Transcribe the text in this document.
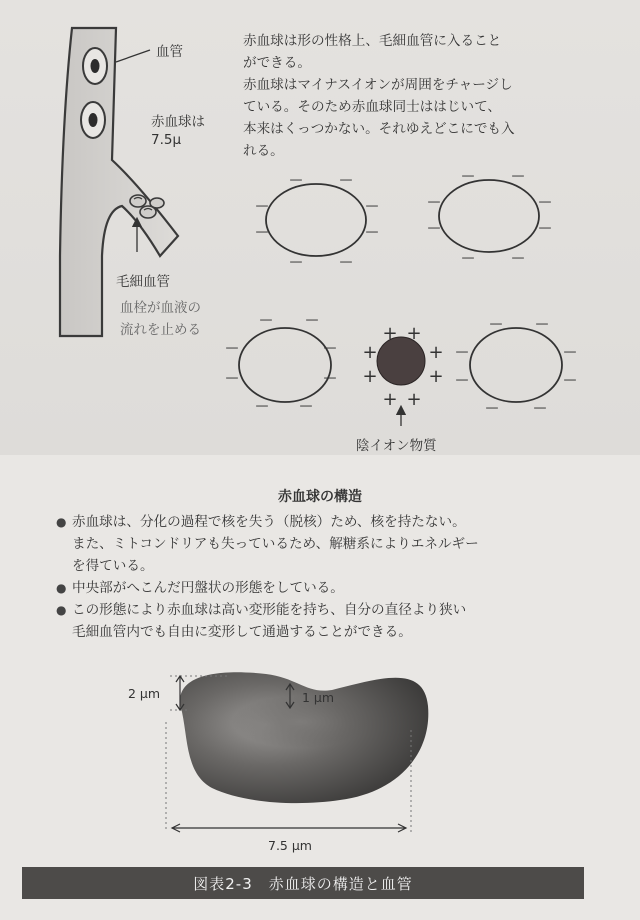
—	—
—
—
—
—
—	—
—	—
—
—
—
—
—	—
—	—
—
—
—
—
— —
—	—
—
—
—
—
—	—
+ +
+
+
+
+
+ +

赤血球は形の性格上、毛細血管に入ること

ができる。

赤血球はマイナスイオンが周囲をチャージし

ている。そのため赤血球同士ははじいて、

本来はくっつかない。それゆえどこにでも入

れる。

血管
赤血球は
7.5μ
毛細血管
血栓が血液の
流れを止める
陰イオン物質
赤血球の構造
● 赤血球は、分化の過程で核を失う（脱核）ため、核を持たない。
また、ミトコンドリアも失っているため、解糖系によりエネルギー
を得ている。
● 中央部がへこんだ円盤状の形態をしている。
● この形態により赤血球は高い変形能を持ち、自分の直径より狭い
毛細血管内でも自由に変形して通過することができる。
2 μm	1 μm
7.5 μm
図表2-3　赤血球の構造と血管
